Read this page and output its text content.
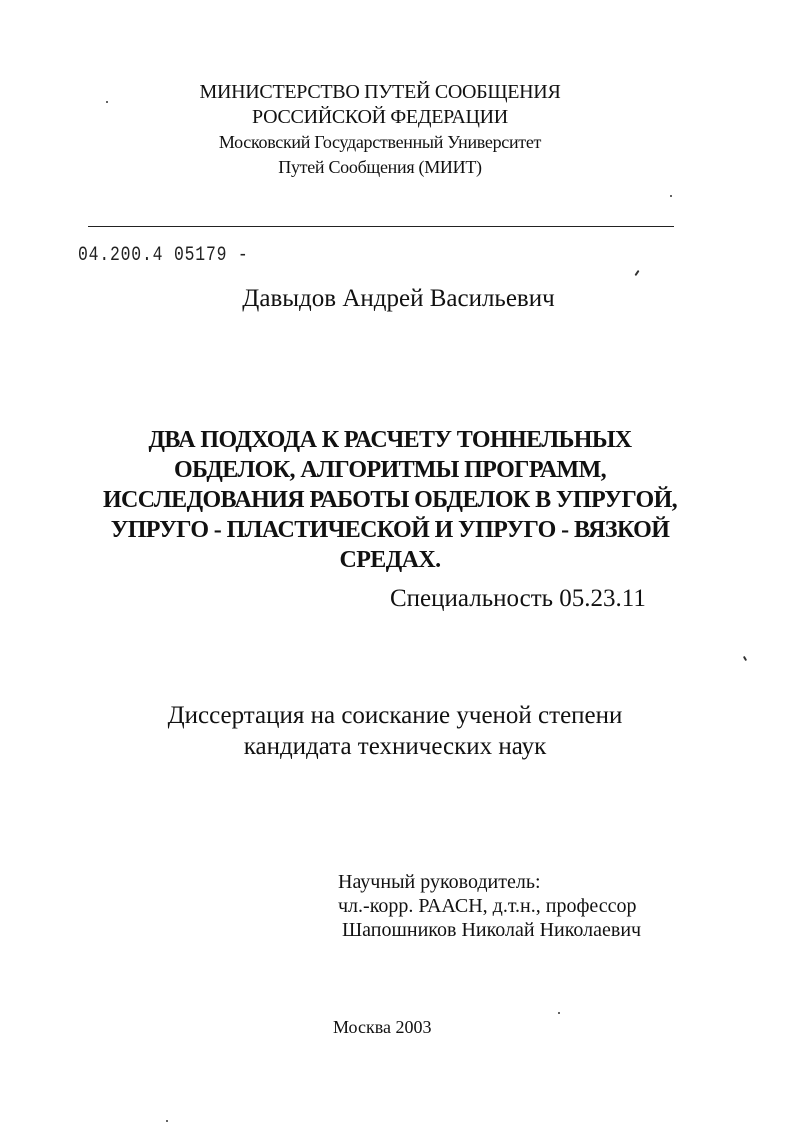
МИНИСТЕРСТВО ПУТЕЙ СООБЩЕНИЯ
РОССИЙСКОЙ ФЕДЕРАЦИИ
Московский Государственный Университет
Путей Сообщения (МИИТ)
04.200.4 05179 -
Давыдов Андрей Васильевич
ДВА ПОДХОДА К РАСЧЕТУ ТОННЕЛЬНЫХ
ОБДЕЛОК, АЛГОРИТМЫ ПРОГРАММ,
ИССЛЕДОВАНИЯ РАБОТЫ ОБДЕЛОК В УПРУГОЙ,
УПРУГО - ПЛАСТИЧЕСКОЙ И УПРУГО - ВЯЗКОЙ
СРЕДАХ.
Специальность 05.23.11
Диссертация на соискание ученой степени
кандидата технических наук
Научный руководитель:
чл.-корр. РААСН, д.т.н., профессор
Шапошников Николай Николаевич
Москва 2003
